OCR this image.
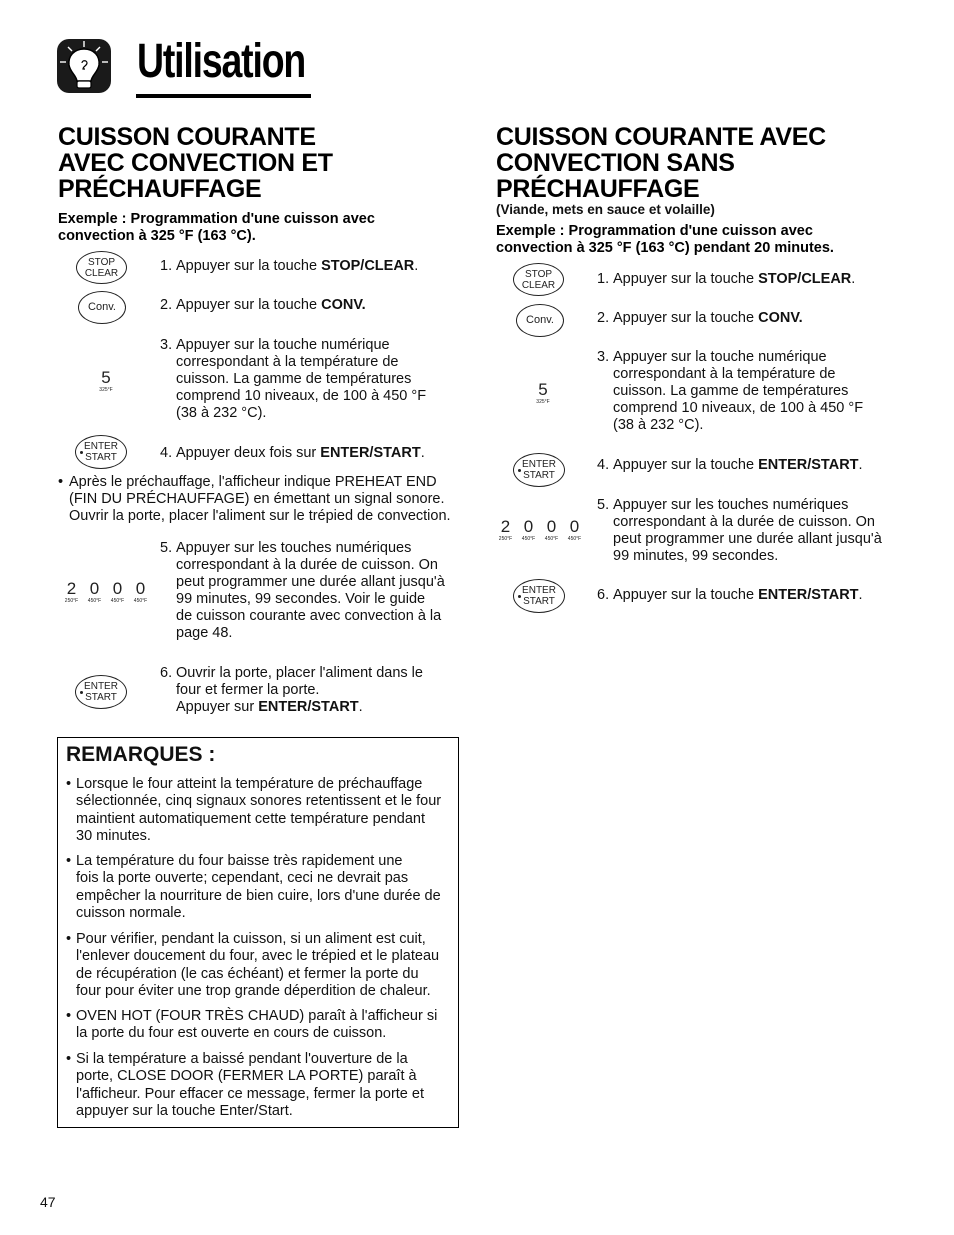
Utilisation
CUISSON COURANTE
AVEC CONVECTION ET
PRÉCHAUFFAGE
Exemple : Programmation d'une cuisson avec
convection à 325 °F (163 °C).
STOP
CLEAR	1. Appuyer sur la touche STOP/CLEAR.
Conv.	2. Appuyer sur la touche CONV.
5
325°F
3. Appuyer sur la touche numérique
correspondant à la température de
cuisson. La gamme de températures
comprend 10 niveaux, de 100 à 450 °F
(38 à 232 °C).
ENTER
START	4. Appuyer deux fois sur ENTER/START.
• Après le préchauffage, l'afficheur indique PREHEAT END
(FIN DU PRÉCHAUFFAGE) en émettant un signal sonore.
Ouvrir la porte, placer l'aliment sur le trépied de convection.
2
250°F
0
450°F
0
450°F
0
450°F
5. Appuyer sur les touches numériques
correspondant à la durée de cuisson. On
peut programmer une durée allant jusqu'à
99 minutes, 99 secondes. Voir le guide
de cuisson courante avec convection à la
page 48.
ENTER
START
6. Ouvrir la porte, placer l'aliment dans le
four et fermer la porte.
Appuyer sur ENTER/START.
REMARQUES :
• Lorsque le four atteint la température de préchauffage
sélectionnée, cinq signaux sonores retentissent et le four
maintient automatiquement cette température pendant
30 minutes.
• La température du four baisse très rapidement une
fois la porte ouverte; cependant, ceci ne devrait pas
empêcher la nourriture de bien cuire, lors d'une durée de
cuisson normale.
• Pour vérifier, pendant la cuisson, si un aliment est cuit,
l'enlever doucement du four, avec le trépied et le plateau
de récupération (le cas échéant) et fermer la porte du
four pour éviter une trop grande déperdition de chaleur.
• OVEN HOT (FOUR TRÈS CHAUD) paraît à l'afficheur si
la porte du four est ouverte en cours de cuisson.
• Si la température a baissé pendant l'ouverture de la
porte, CLOSE DOOR (FERMER LA PORTE) paraît à
l'afficheur. Pour effacer ce message, fermer la porte et
appuyer sur la touche Enter/Start.
CUISSON COURANTE AVEC
CONVECTION SANS
PRÉCHAUFFAGE
(Viande, mets en sauce et volaille)
Exemple : Programmation d'une cuisson avec
convection à 325 °F (163 °C) pendant 20 minutes.
STOP
CLEAR	1. Appuyer sur la touche STOP/CLEAR.
Conv.	2. Appuyer sur la touche CONV.
5
325°F
3. Appuyer sur la touche numérique
correspondant à la température de
cuisson. La gamme de températures
comprend 10 niveaux, de 100 à 450 °F
(38 à 232 °C).
ENTER
START
4. Appuyer sur la touche ENTER/START.
2
250°F
0
450°F
0
450°F
0
450°F
5. Appuyer sur les touches numériques
correspondant à la durée de cuisson. On
peut programmer une durée allant jusqu'à
99 minutes, 99 secondes.
ENTER
START	6. Appuyer sur la touche ENTER/START.
47
